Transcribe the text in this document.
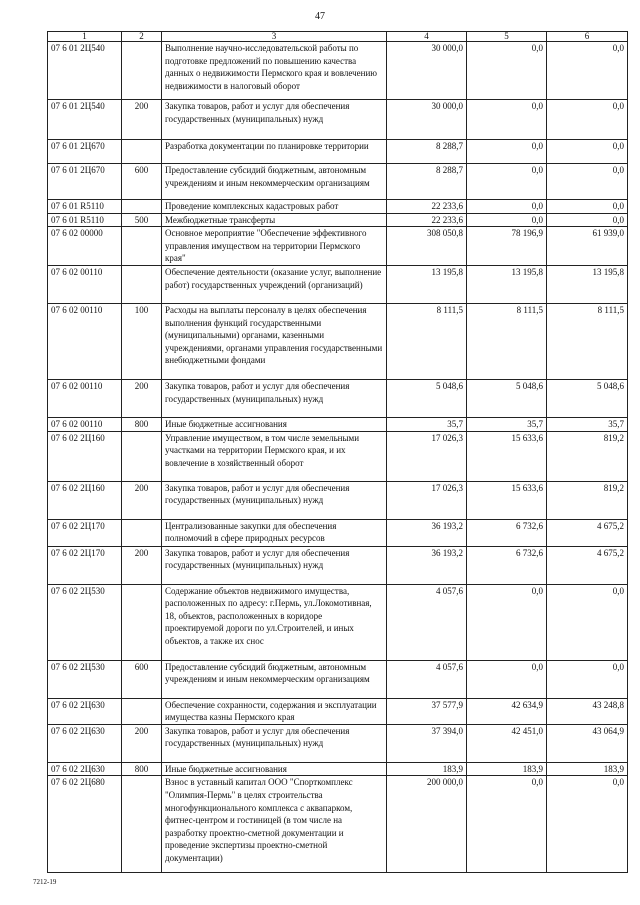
47
1	2	3	4	5	6
07 6 01 2Ц540		Выполнение научно-исследовательской работы по подготовке предложений по повышению качества данных о недвижимости Пермского края и вовлечению недвижимости в налоговый оборот	30 000,0	0,0	0,0
07 6 01 2Ц540	200	Закупка товаров, работ и услуг для обеспечения государственных (муниципальных) нужд	30 000,0	0,0	0,0
07 6 01 2Ц670		Разработка документации по планировке территории	8 288,7	0,0	0,0
07 6 01 2Ц670	600	Предоставление субсидий бюджетным, автономным учреждениям и иным некоммерческим организациям	8 288,7	0,0	0,0
07 6 01 R5110		Проведение комплексных кадастровых работ	22 233,6	0,0	0,0
07 6 01 R5110	500	Межбюджетные трансферты	22 233,6	0,0	0,0
07 6 02 00000		Основное мероприятие "Обеспечение эффективного управления имуществом на территории Пермского края"	308 050,8	78 196,9	61 939,0
07 6 02 00110		Обеспечение деятельности (оказание услуг, выполнение работ) государственных учреждений (организаций)	13 195,8	13 195,8	13 195,8
07 6 02 00110	100	Расходы на выплаты персоналу в целях обеспечения выполнения функций государственными (муниципальными) органами, казенными учреждениями, органами управления государственными внебюджетными фондами	8 111,5	8 111,5	8 111,5
07 6 02 00110	200	Закупка товаров, работ и услуг для обеспечения государственных (муниципальных) нужд	5 048,6	5 048,6	5 048,6
07 6 02 00110	800	Иные бюджетные ассигнования	35,7	35,7	35,7
07 6 02 2Ц160		Управление имуществом, в том числе земельными участками на территории Пермского края, и их вовлечение в хозяйственный оборот	17 026,3	15 633,6	819,2
07 6 02 2Ц160	200	Закупка товаров, работ и услуг для обеспечения государственных (муниципальных) нужд	17 026,3	15 633,6	819,2
07 6 02 2Ц170		Централизованные закупки для обеспечения полномочий в сфере природных ресурсов	36 193,2	6 732,6	4 675,2
07 6 02 2Ц170	200	Закупка товаров, работ и услуг для обеспечения государственных (муниципальных) нужд	36 193,2	6 732,6	4 675,2
07 6 02 2Ц530		Содержание объектов недвижимого имущества, расположенных по адресу: г.Пермь, ул.Локомотивная, 18, объектов, расположенных в коридоре проектируемой дороги по ул.Строителей, и иных объектов, а также их снос	4 057,6	0,0	0,0
07 6 02 2Ц530	600	Предоставление субсидий бюджетным, автономным учреждениям и иным некоммерческим организациям	4 057,6	0,0	0,0
07 6 02 2Ц630		Обеспечение сохранности, содержания и эксплуатации имущества казны Пермского края	37 577,9	42 634,9	43 248,8
07 6 02 2Ц630	200	Закупка товаров, работ и услуг для обеспечения государственных (муниципальных) нужд	37 394,0	42 451,0	43 064,9
07 6 02 2Ц630	800	Иные бюджетные ассигнования	183,9	183,9	183,9
07 6 02 2Ц680		Взнос в уставный капитал ООО "Спорткомплекс "Олимпия-Пермь" в целях строительства многофункционального комплекса с аквапарком, фитнес-центром и гостиницей (в том числе на разработку проектно-сметной документации и проведение экспертизы проектно-сметной документации)	200 000,0	0,0	0,0
7212-19
